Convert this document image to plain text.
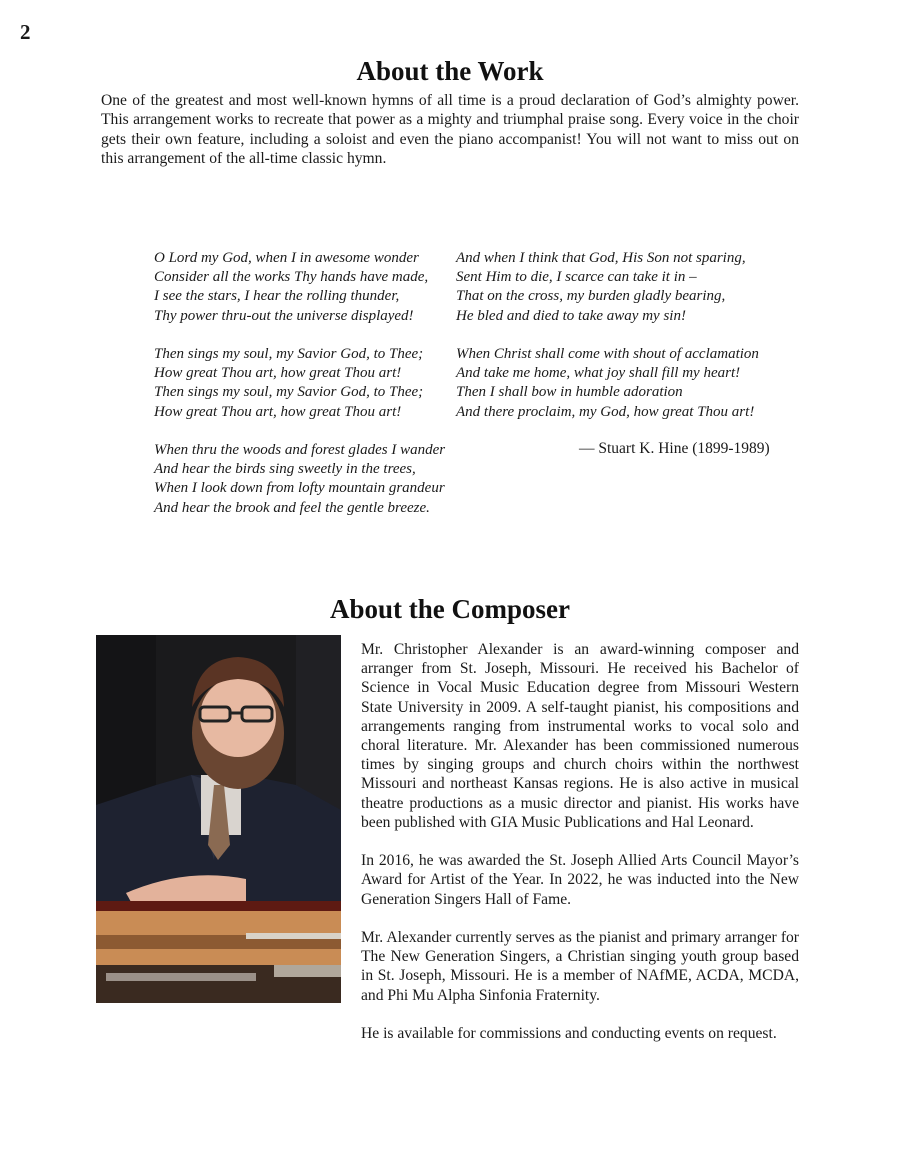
2

About the Work

One of the greatest and most well-known hymns of all time is a proud declaration of God’s almighty power. This arrangement works to recreate that power as a mighty and triumphal praise song. Every voice in the choir gets their own feature, including a soloist and even the piano accompanist! You will not want to miss out on this arrangement of the all-time classic hymn.

O Lord my God, when I in awesome wonder
Consider all the works Thy hands have made,
I see the stars, I hear the rolling thunder,
Thy power thru-out the universe displayed!
Then sings my soul, my Savior God, to Thee;
How great Thou art, how great Thou art!
Then sings my soul, my Savior God, to Thee;
How great Thou art, how great Thou art!
When thru the woods and forest glades I wander
And hear the birds sing sweetly in the trees,
When I look down from lofty mountain grandeur
And hear the brook and feel the gentle breeze.
And when I think that God, His Son not sparing,
Sent Him to die, I scarce can take it in –
That on the cross, my burden gladly bearing,
He bled and died to take away my sin!
When Christ shall come with shout of acclamation
And take me home, what joy shall fill my heart!
Then I shall bow in humble adoration
And there proclaim, my God, how great Thou art!

— Stuart K. Hine (1899-1989)

About the Composer

Mr. Christopher Alexander is an award-winning composer and arranger from St. Joseph, Missouri. He received his Bachelor of Science in Vocal Music Education degree from Missouri Western State University in 2009. A self-taught pianist, his compositions and arrangements ranging from instrumental works to vocal solo and choral literature. Mr. Alexander has been commissioned numerous times by singing groups and church choirs within the northwest Missouri and northeast Kansas regions. He is also active in musical theatre productions as a music director and pianist. His works have been published with GIA Music Publications and Hal Leonard.

In 2016, he was awarded the St. Joseph Allied Arts Council Mayor’s Award for Artist of the Year. In 2022, he was inducted into the New Generation Singers Hall of Fame.

Mr. Alexander currently serves as the pianist and primary arranger for The New Generation Singers, a Christian singing youth group based in St. Joseph, Missouri. He is a member of NAfME, ACDA, MCDA, and Phi Mu Alpha Sinfonia Fraternity.

He is available for commissions and conducting events on request.
